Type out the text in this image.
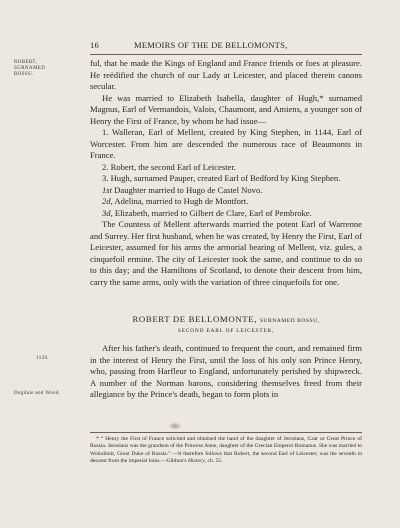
16	MEMOIRS OF THE DE BELLOMONTS,
ROBERT,
SURNAMED
BOSSU.

ful, that he made the Kings of England and France friends or foes at pleasure. He reëdified the church of our Lady at Leicester, and placed therein canons secular.

He was married to Elizabeth Isabella, daughter of Hugh,* surnamed Magnus, Earl of Vermandois, Valois, Chaumont, and Amiens, a younger son of Henry the First of France, by whom he had issue—

1. Walleran, Earl of Mellent, created by King Stephen, in 1144, Earl of Worcester. From him are descended the numerous race of Beaumonts in France.

2. Robert, the second Earl of Leicester.

3. Hugh, surnamed Pauper, created Earl of Bedford by King Stephen.

1st Daughter married to Hugo de Castel Novo.

2d, Adelina, married to Hugh de Montfort.

3d, Elizabeth, married to Gilbert de Clare, Earl of Pembroke.

The Countess of Mellent afterwards married the potent Earl of Warrenne and Surrey. Her first husband, when he was created, by Henry the First, Earl of Leicester, assumed for his arms the armorial bearing of Mellent, viz. gules, a cinquefoil ermine. The city of Leicester took the same, and continue to do so to this day; and the Hamiltons of Scotland, to denote their descent from him, carry the same arms, only with the variation of three cinquefoils for one.

ROBERT DE BELLOMONTE, SURNAMED BOSSU,
SECOND EARL OF LEICESTER,
1120.
Dugdale and Wood.

After his father's death, continued to frequent the court, and remained firm in the interest of Henry the First, until the loss of his only son Prince Henry, who, passing from Harfleur to England, unfortunately perished by shipwreck. A number of the Norman barons, considering themselves freed from their allegiance by the Prince's death, began to form plots in

* “ Henry the First of France solicited and obtained the hand of the daughter of Jeroslaus, Czar or Great Prince of Russia. Jeroslaus was the grandson of the Princess Anne, daughter of the Grecian Emperor Romanus. She was married to Wolodimir, Great Duke of Russia.” —It therefore follows that Robert, the second Earl of Leicester, was the seventh in descent from the imperial loins.—Gibbon's History, ch. 55.
